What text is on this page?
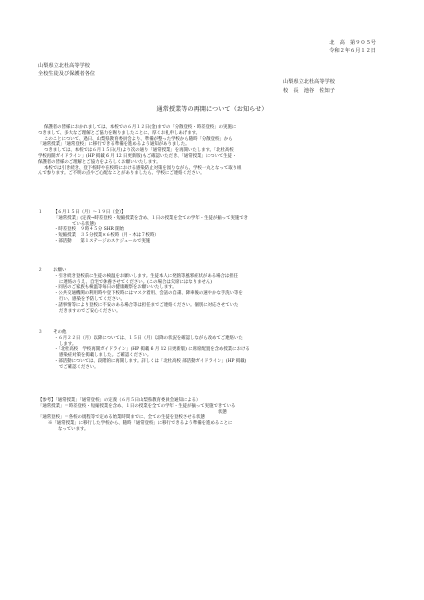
北　高　第９０５号
令和２年６月１２日
山梨県立北杜高等学校
全校生徒及び保護者各位
山梨県立北杜高等学校
校　長　池谷　佐知子
通常授業等の再開について（お知らせ）
保護者の皆様におかれましては、本校での６月１２日(金)までの「分散登校・時差登校」の実施に
つきまして、多大なご理解とご協力を賜りましたことに、厚くお礼申しあげます。
このことについて、過日、山梨県教育委員会より、準備が整った学校から随時「分散登校」から
「通常授業」「通常登校」に移行できる準備を進めるよう通知がありました。
つきましては、本校では６月１５日(月)より次の通り「通常授業」を再開いたします。「北杜高校
学校再開ガイドライン」(HP 掲載 6 月 12 日更新版)もご確認いただき、「通常授業」について生徒・
保護者の皆様のご理解とご協力をよろしくお願いいたします。
本校では引き続き、登下校時や在校時における感染防止対策を図りながら、学校一丸となって取り組
んで参ります。ご不明の点やご心配なことがありましたら、学校にご連絡ください。
１ 【６月１５日（月）～１９日（金）】
「通常授業」(定義→時差登校・短縮授業を含め、１日の授業を全ての学年・生徒が揃って実施でき
ている状態)
・時差登校　９時４５分 SHR 開始
・短縮授業　３５分授業×６校時（月・木は７校時）
・部活動　　第１ステージのスケジュールで実施
２ お願い
・引き続き登校前に生徒の検温をお願いします。生徒本人に発熱等風邪症状がある場合は担任
に連絡のうえ、自宅で休養させてください。(この場合は欠席にはなりません)
・同居のご家族も検温等毎日の健康観察をお願いいたします。
・公共交通機関の利用時や登下校時にはマスク着用、会話の自粛、降車後の速やかな手洗い等を
行い、感染を予防してください。
・諸事情等により登校に不安のある場合等は担任までご連絡ください。個別に対応させていた
だきますのでご安心ください。
３ その他
・６月２２日（月）以降については、１５日（月）以降の状況を確認しながら改めてご連絡いた
します。
・「北杜高校　学校再開ガイドライン」(HP 掲載 6 月 12 日更新版) に席席配置を含め授業における
感染症対策を掲載しました。ご確認ください。
・部活動については、段階的に再開します。詳しくは「北杜高校 部活動ガイドライン」(HP 掲載)
でご確認ください。
【参考】「通常授業」「通常登校」の定義（６月５日山梨県教育委員会通知による）
「通常授業」＝時差登校・短縮授業を含め、１日の授業を全ての学年・生徒が揃って実施できている
状態
「通常登校」＝各校の規程等で定める始業時間までに、全ての生徒を登校させる状態
※「通常授業」に移行した学校から、随時「通常登校」に移行できるよう準備を進めることに
なっています。
